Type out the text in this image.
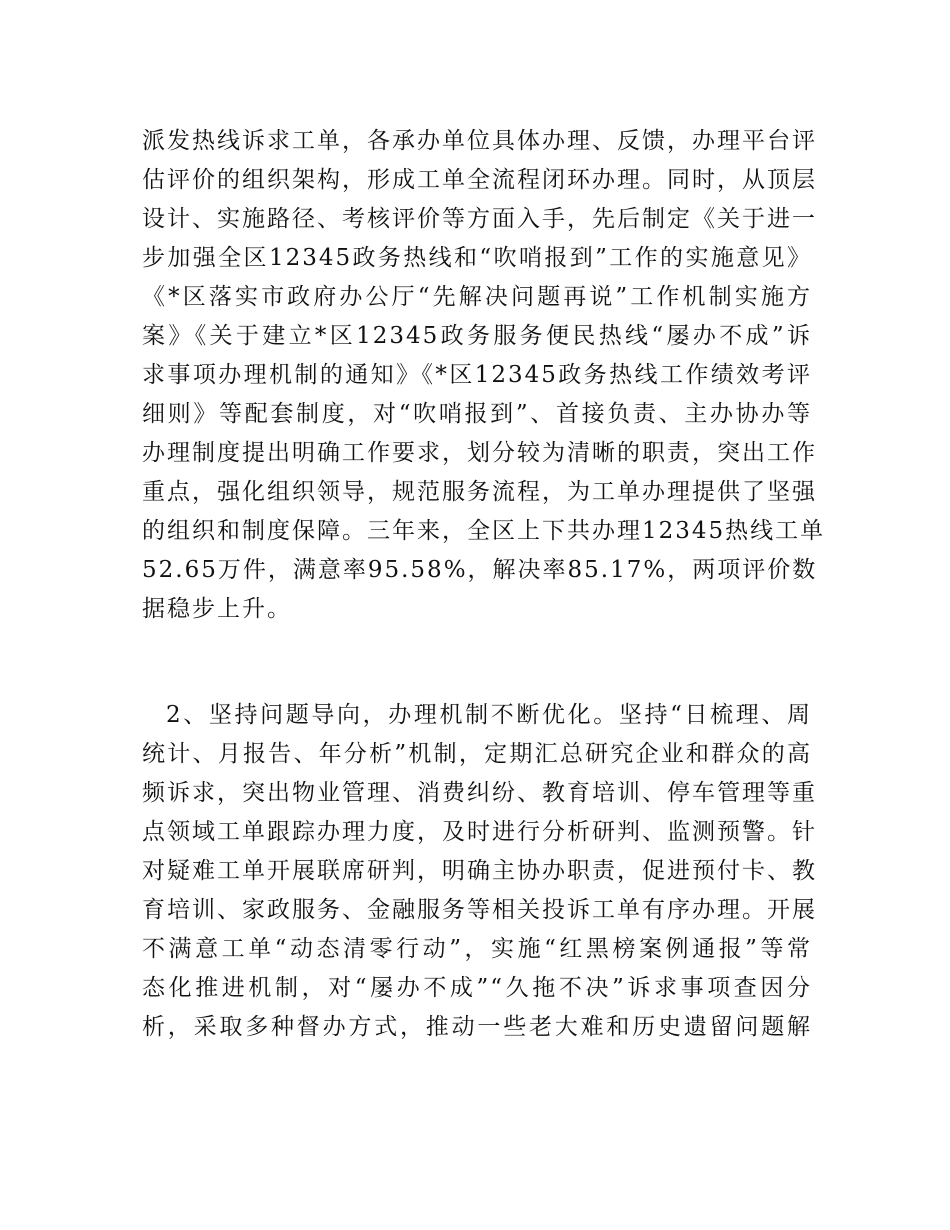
派发热线诉求工单，各承办单位具体办理、反馈，办理平台评
估评价的组织架构，形成工单全流程闭环办理。同时，从顶层
设计、实施路径、考核评价等方面入手，先后制定《关于进一
步加强全区12345政务热线和“吹哨报到”工作的实施意见》
《*区落实市政府办公厅“先解决问题再说”工作机制实施方
案》《关于建立*区12345政务服务便民热线“屡办不成”诉
求事项办理机制的通知》《*区12345政务热线工作绩效考评
细则》等配套制度，对“吹哨报到”、首接负责、主办协办等
办理制度提出明确工作要求，划分较为清晰的职责，突出工作
重点，强化组织领导，规范服务流程，为工单办理提供了坚强
的组织和制度保障。三年来，全区上下共办理12345热线工单
52.65万件，满意率95.58%，解决率85.17%，两项评价数
据稳步上升。
2、坚持问题导向，办理机制不断优化。坚持“日梳理、周
统计、月报告、年分析”机制，定期汇总研究企业和群众的高
频诉求，突出物业管理、消费纠纷、教育培训、停车管理等重
点领域工单跟踪办理力度，及时进行分析研判、监测预警。针
对疑难工单开展联席研判，明确主协办职责，促进预付卡、教
育培训、家政服务、金融服务等相关投诉工单有序办理。开展
不满意工单“动态清零行动”，实施“红黑榜案例通报”等常
态化推进机制，对“屡办不成”“久拖不决”诉求事项查因分
析，采取多种督办方式，推动一些老大难和历史遗留问题解
